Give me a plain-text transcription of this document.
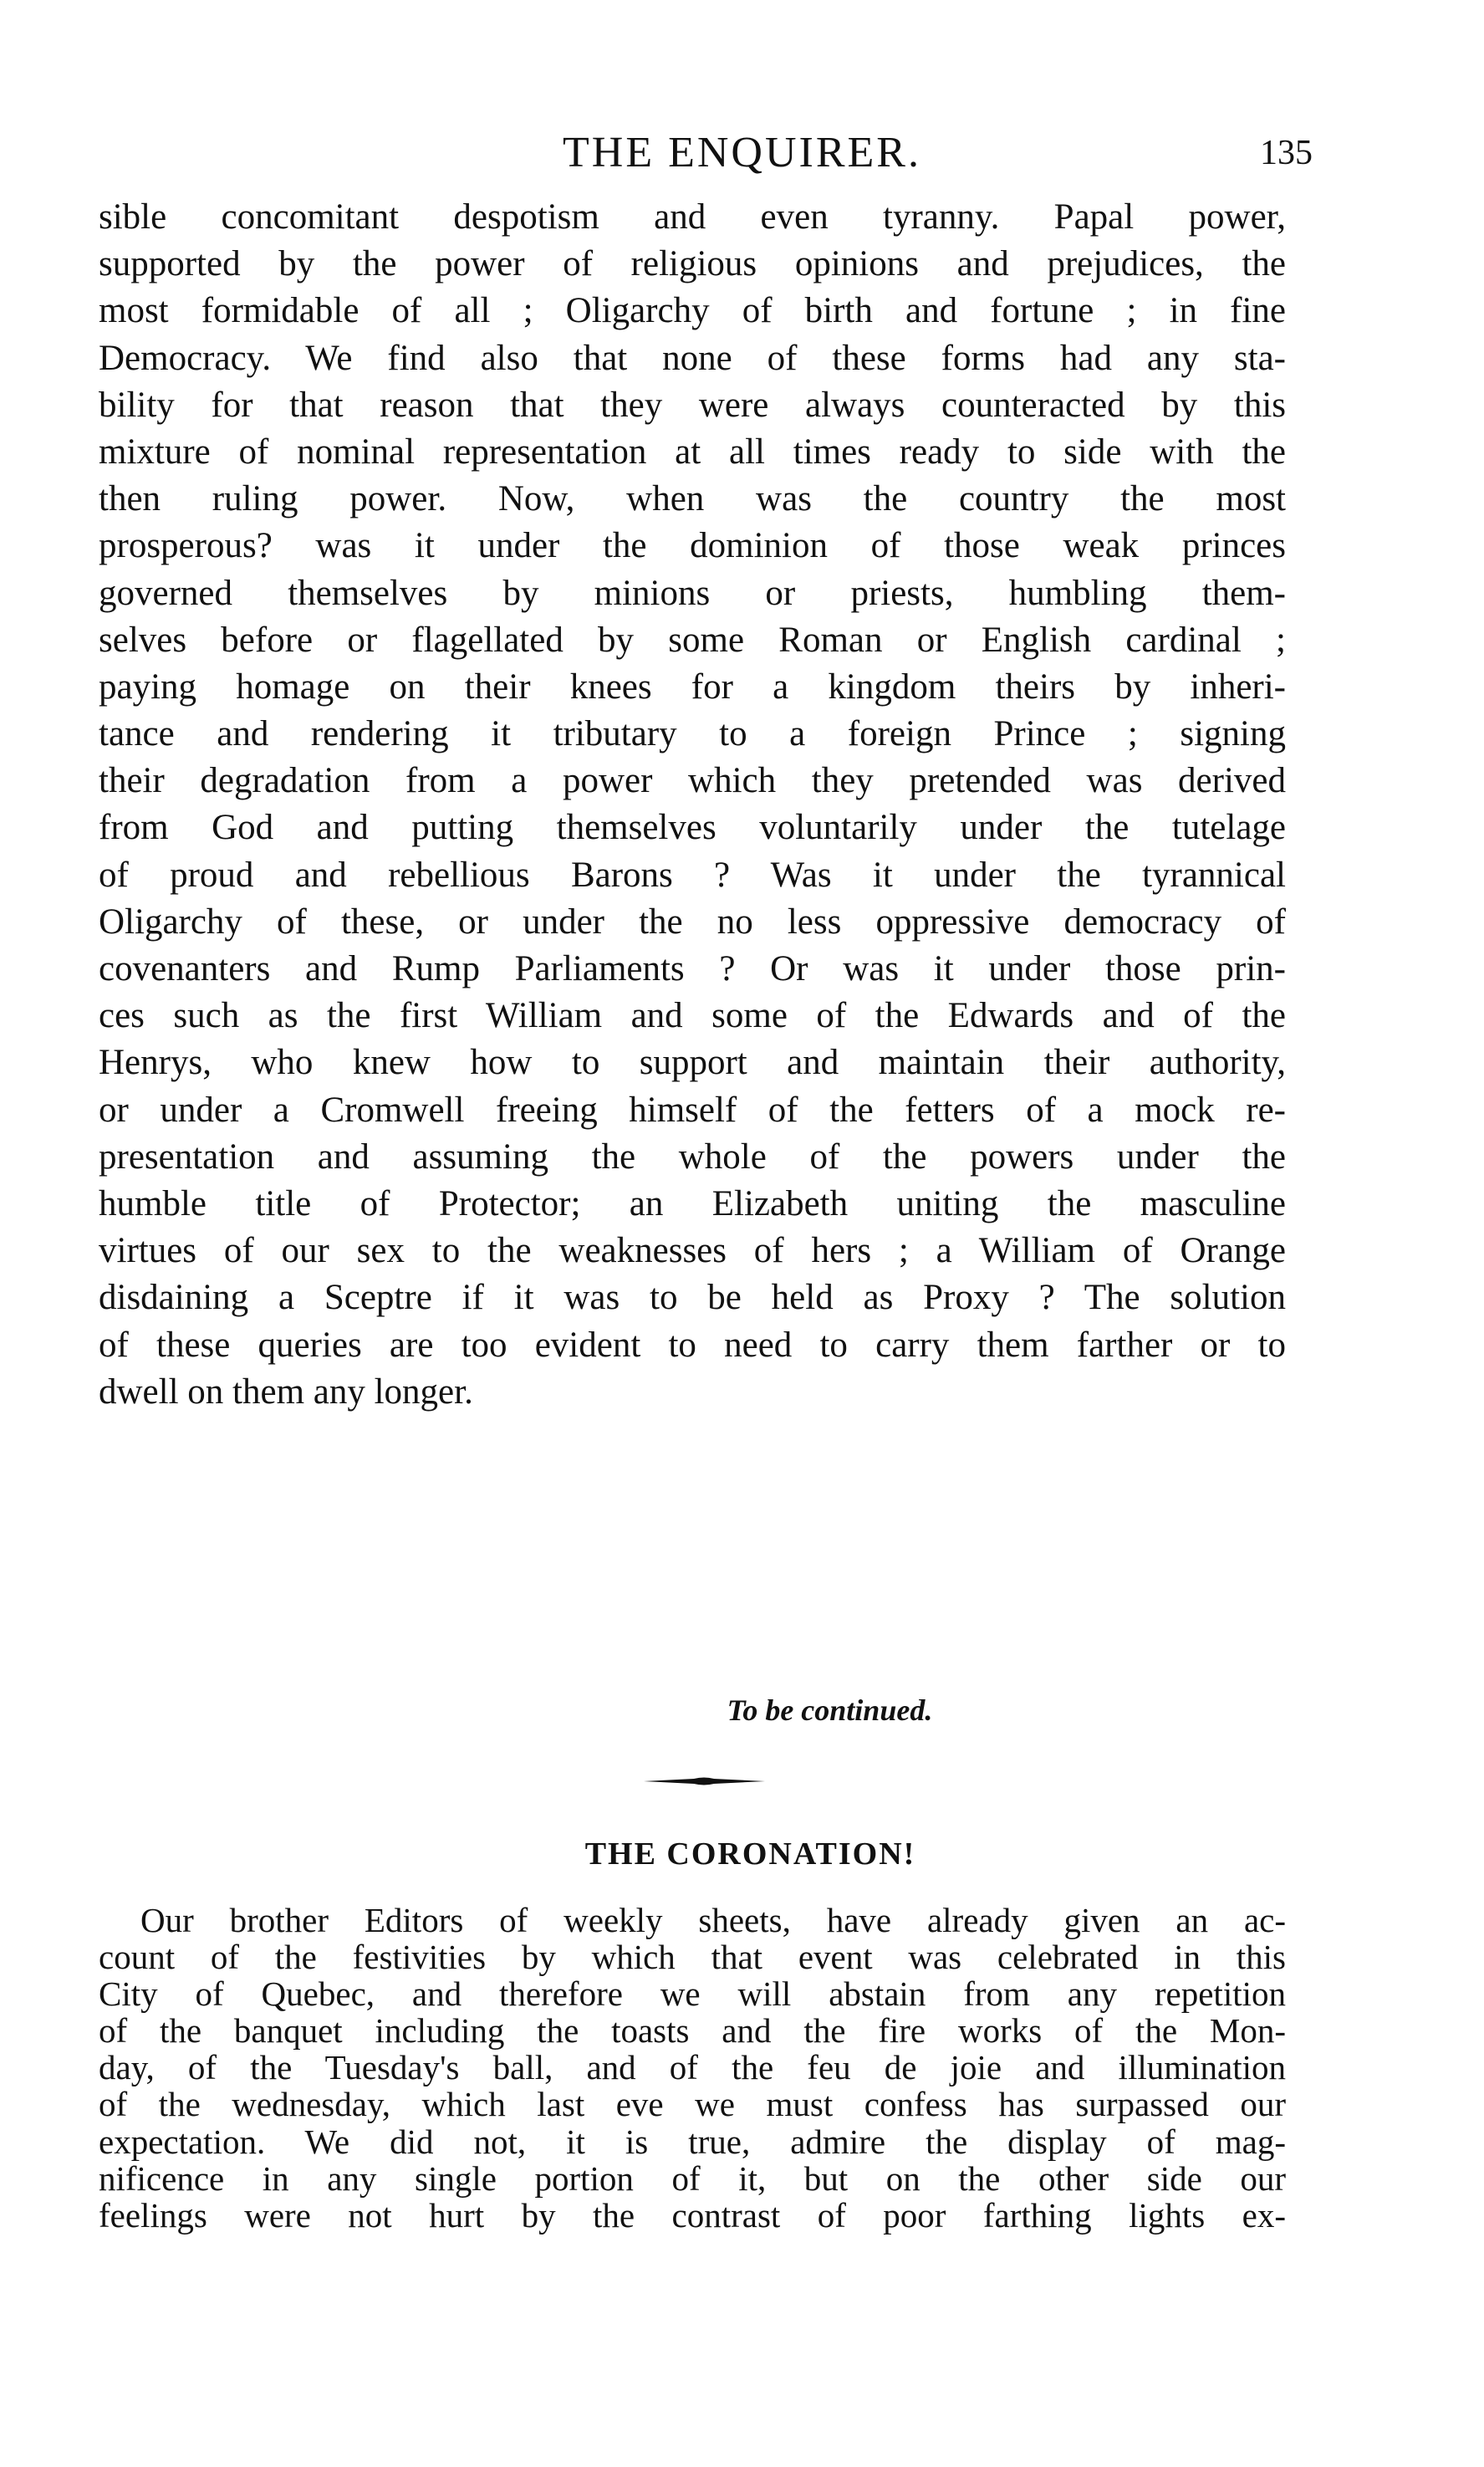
THE ENQUIRER.	135
sible concomitant despotism and even tyranny. Papal power,
supported by the power of religious opinions and prejudices, the
most formidable of all ; Oligarchy of birth and fortune ; in fine
Democracy. We find also that none of these forms had any sta-
bility for that reason that they were always counteracted by this
mixture of nominal representation at all times ready to side with the
then ruling power. Now, when was the country the most
prosperous? was it under the dominion of those weak princes
governed themselves by minions or priests, humbling them-
selves before or flagellated by some Roman or English cardinal ;
paying homage on their knees for a kingdom theirs by inheri-
tance and rendering it tributary to a foreign Prince ; signing
their degradation from a power which they pretended was derived
from God and putting themselves voluntarily under the tutelage
of proud and rebellious Barons ? Was it under the tyrannical
Oligarchy of these, or under the no less oppressive democracy of
covenanters and Rump Parliaments ? Or was it under those prin-
ces such as the first William and some of the Edwards and of the
Henrys, who knew how to support and maintain their authority,
or under a Cromwell freeing himself of the fetters of a mock re-
presentation and assuming the whole of the powers under the
humble title of Protector; an Elizabeth uniting the masculine
virtues of our sex to the weaknesses of hers ; a William of Orange
disdaining a Sceptre if it was to be held as Proxy ? The solution
of these queries are too evident to need to carry them farther or to
dwell on them any longer.
To be continued.
THE CORONATION!
Our brother Editors of weekly sheets, have already given an ac-
count of the festivities by which that event was celebrated in this
City of Quebec, and therefore we will abstain from any repetition
of the banquet including the toasts and the fire works of the Mon-
day, of the Tuesday's ball, and of the feu de joie and illumination
of the wednesday, which last eve we must confess has surpassed our
expectation. We did not, it is true, admire the display of mag-
nificence in any single portion of it, but on the other side our
feelings were not hurt by the contrast of poor farthing lights ex-
